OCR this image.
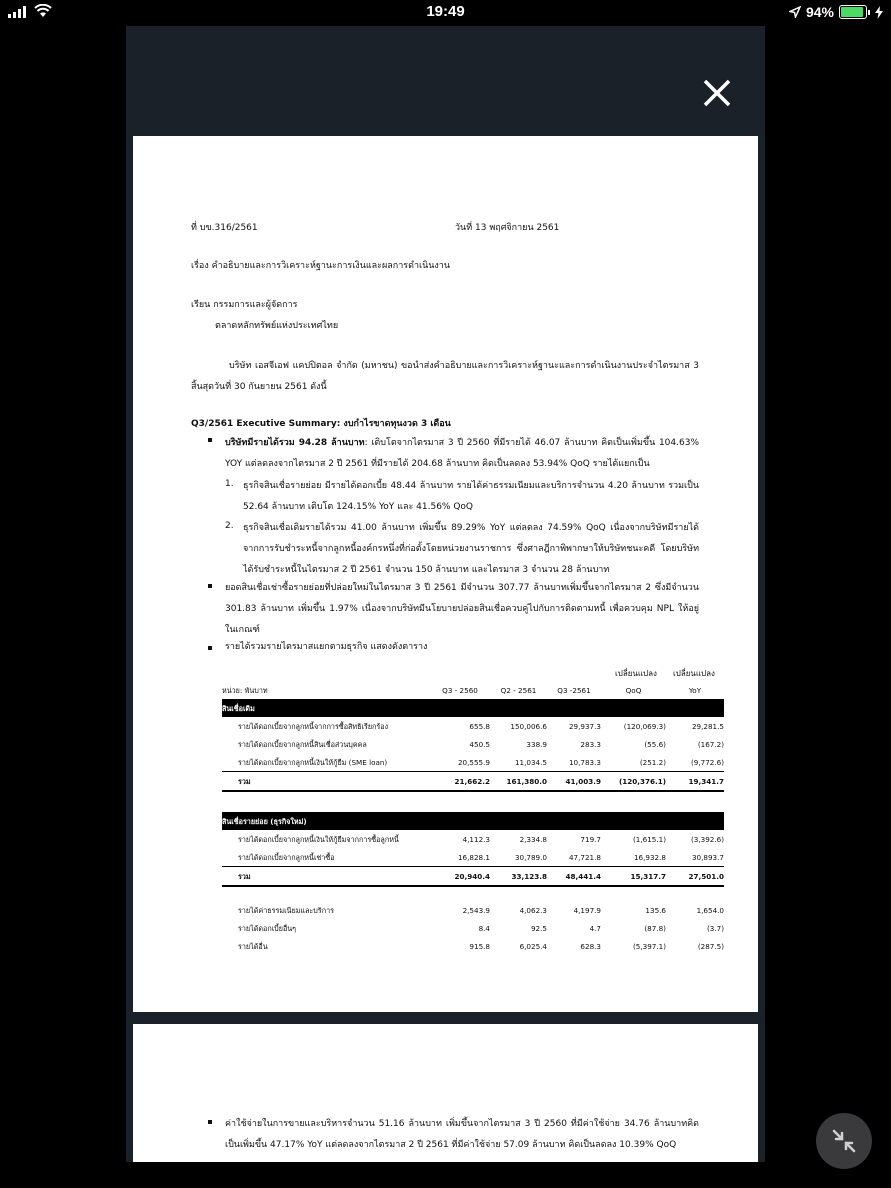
19:49	94%
ที่ บข.316/2561	วันที่ 13 พฤศจิกายน 2561
เรื่อง คำอธิบายและการวิเคราะห์ฐานะการเงินและผลการดำเนินงาน
เรียน กรรมการและผู้จัดการ
ตลาดหลักทรัพย์แห่งประเทศไทย
บริษัท เอสจีเอฟ แคปปิตอล จำกัด (มหาชน) ขอนำส่งคำอธิบายและการวิเคราะห์ฐานะและการดำเนินงานประจำไตรมาส 3 สิ้นสุดวันที่ 30 กันยายน 2561 ดังนี้
Q3/2561 Executive Summary: งบกำไรขาดทุนงวด 3 เดือน
บริษัทมีรายได้รวม 94.28 ล้านบาท: เติบโตจากไตรมาส 3 ปี 2560 ที่มีรายได้ 46.07 ล้านบาท คิดเป็นเพิ่มขึ้น 104.63% YOY แต่ลดลงจากไตรมาส 2 ปี 2561 ที่มีรายได้ 204.68 ล้านบาท คิดเป็นลดลง 53.94% QoQ รายได้แยกเป็น
1. ธุรกิจสินเชื่อรายย่อย มีรายได้ดอกเบี้ย 48.44 ล้านบาท รายได้ค่าธรรมเนียมและบริการจำนวน 4.20 ล้านบาท รวมเป็น 52.64 ล้านบาท เติบโต 124.15% YoY และ 41.56% QoQ
2. ธุรกิจสินเชื่อเดิมรายได้รวม 41.00 ล้านบาท เพิ่มขึ้น 89.29% YoY แต่ลดลง 74.59% QoQ เนื่องจากบริษัทมีรายได้จากการรับชำระหนี้จากลูกหนี้องค์กรหนึ่งที่ก่อตั้งโดยหน่วยงานราชการ ซึ่งศาลฎีกาพิพากษาให้บริษัทชนะคดี โดยบริษัทได้รับชำระหนี้ในไตรมาส 2 ปี 2561 จำนวน 150 ล้านบาท และไตรมาส 3 จำนวน 28 ล้านบาท
ยอดสินเชื่อเช่าซื้อรายย่อยที่ปล่อยใหม่ในไตรมาส 3 ปี 2561 มีจำนวน 307.77 ล้านบาทเพิ่มขึ้นจากไตรมาส 2 ซึ่งมีจำนวน 301.83 ล้านบาท เพิ่มขึ้น 1.97% เนื่องจากบริษัทมีนโยบายปล่อยสินเชื่อควบคู่ไปกับการติดตามหนี้ เพื่อควบคุม NPL ให้อยู่ในเกณฑ์
รายได้รวมรายไตรมาสแยกตามธุรกิจ แสดงดังตาราง
เปลี่ยนแปลง เปลี่ยนแปลง
หน่วย: พันบาท	Q3 - 2560	Q2 - 2561	Q3 -2561	QoQ	YoY
สินเชื่อเดิม					
รายได้ดอกเบี้ยจากลูกหนี้จากการซื้อสิทธิเรียกร้อง	655.8	150,006.6	29,937.3	(120,069.3)	29,281.5
รายได้ดอกเบี้ยจากลูกหนี้สินเชื่อส่วนบุคคล	450.5	338.9	283.3	(55.6)	(167.2)
รายได้ดอกเบี้ยจากลูกหนี้เงินให้กู้ยืม (SME loan)	20,555.9	11,034.5	10,783.3	(251.2)	(9,772.6)
รวม	21,662.2	161,380.0	41,003.9	(120,376.1)	19,341.7

สินเชื่อรายย่อย (ธุรกิจใหม่)					
รายได้ดอกเบี้ยจากลูกหนี้เงินให้กู้ยืมจากการซื้อลูกหนี้	4,112.3	2,334.8	719.7	(1,615.1)	(3,392.6)
รายได้ดอกเบี้ยจากลูกหนี้เช่าซื้อ	16,828.1	30,789.0	47,721.8	16,932.8	30,893.7
รวม	20,940.4	33,123.8	48,441.4	15,317.7	27,501.0

รายได้ค่าธรรมเนียมและบริการ	2,543.9	4,062.3	4,197.9	135.6	1,654.0
รายได้ดอกเบี้ยอื่นๆ	8.4	92.5	4.7	(87.8)	(3.7)
รายได้อื่น	915.8	6,025.4	628.3	(5,397.1)	(287.5)
ค่าใช้จ่ายในการขายและบริหารจำนวน 51.16 ล้านบาท เพิ่มขึ้นจากไตรมาส 3 ปี 2560 ที่มีค่าใช้จ่าย 34.76 ล้านบาทคิดเป็นเพิ่มขึ้น 47.17% YoY แต่ลดลงจากไตรมาส 2 ปี 2561 ที่มีค่าใช้จ่าย 57.09 ล้านบาท คิดเป็นลดลง 10.39% QoQ
